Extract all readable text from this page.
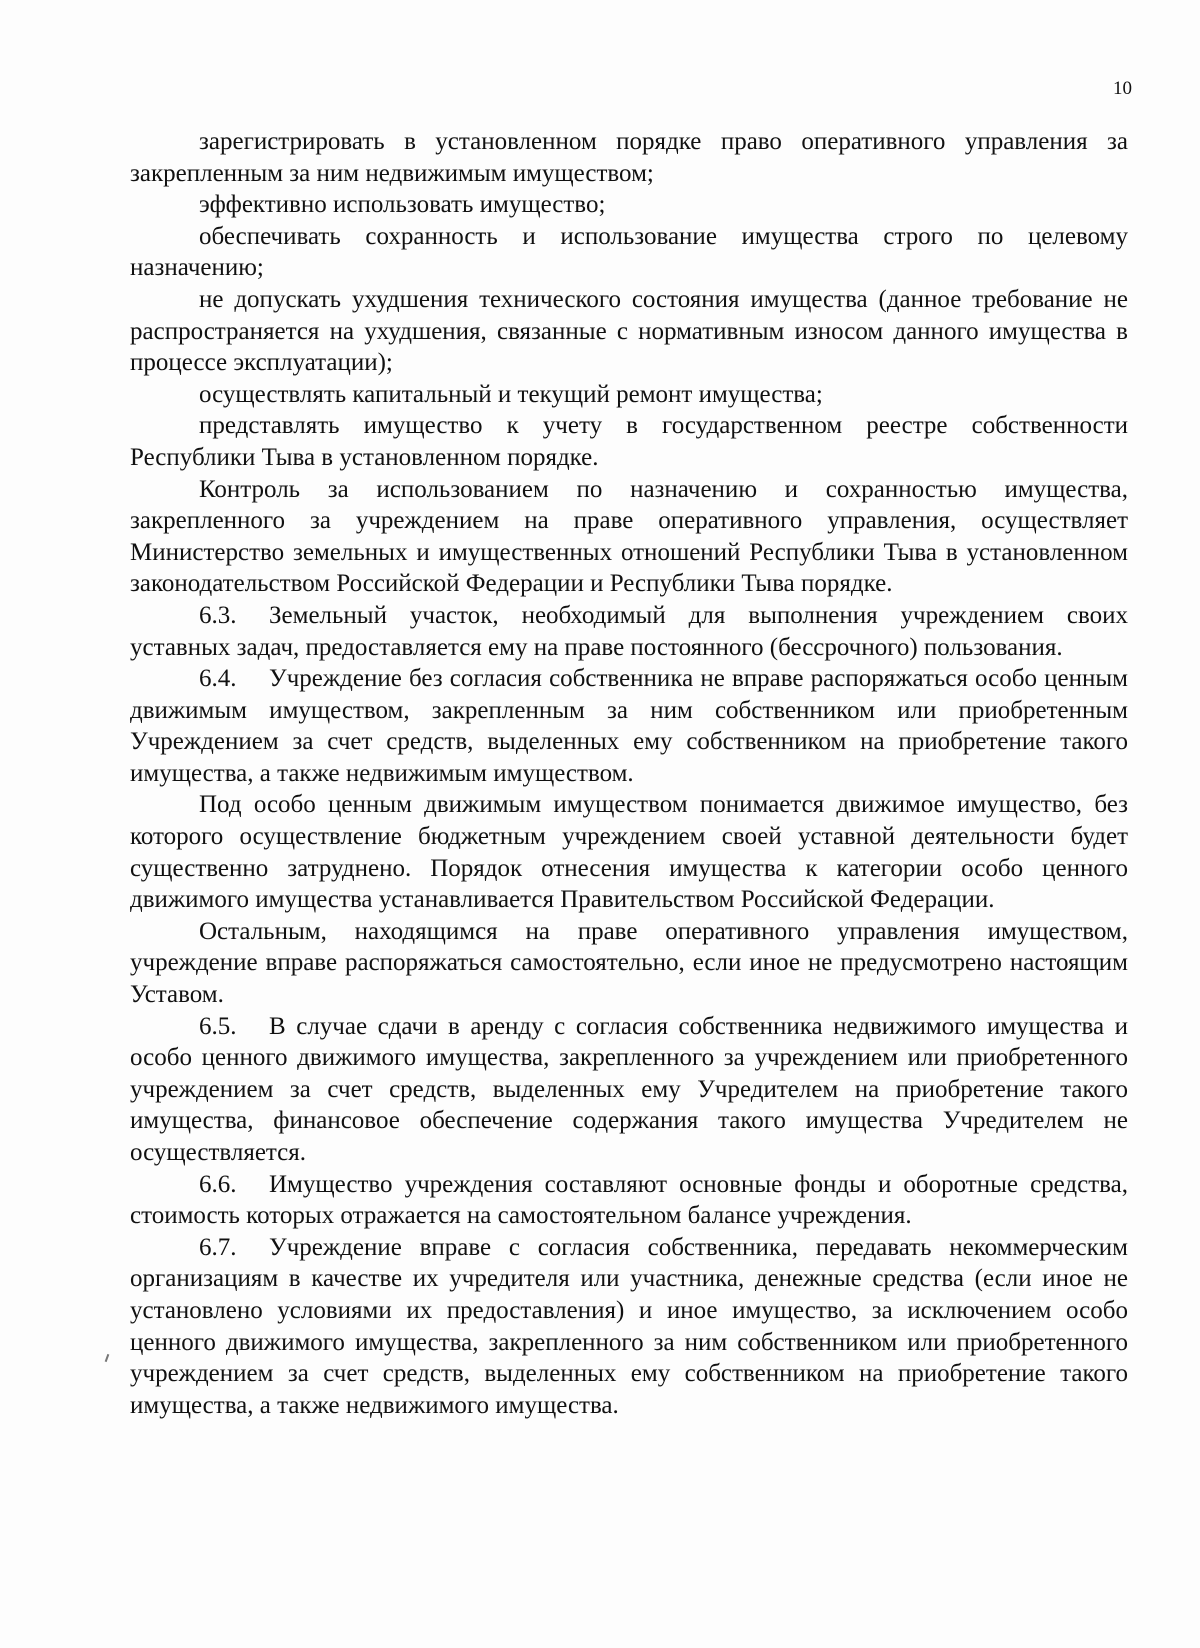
10

зарегистрировать в установленном порядке право оперативного управления за закрепленным за ним недвижимым имуществом;

эффективно использовать имущество;

обеспечивать сохранность и использование имущества строго по целевому назначению;

не допускать ухудшения технического состояния имущества (данное требование не распространяется на ухудшения, связанные с нормативным износом данного имущества в процессе эксплуатации);

осуществлять капитальный и текущий ремонт имущества;

представлять имущество к учету в государственном реестре собственности Республики Тыва в установленном порядке.

Контроль за использованием по назначению и сохранностью имущества, закрепленного за учреждением на праве оперативного управления, осуществляет Министерство земельных и имущественных отношений Республики Тыва в установленном законодательством Российской Федерации и Республики Тыва порядке.

6.3. Земельный участок, необходимый для выполнения учреждением своих уставных задач, предоставляется ему на праве постоянного (бессрочного) пользования.

6.4. Учреждение без согласия собственника не вправе распоряжаться особо ценным движимым имуществом, закрепленным за ним собственником или приобретенным Учреждением за счет средств, выделенных ему собственником на приобретение такого имущества, а также недвижимым имуществом.

Под особо ценным движимым имуществом понимается движимое имущество, без которого осуществление бюджетным учреждением своей уставной деятельности будет существенно затруднено. Порядок отнесения имущества к категории особо ценного движимого имущества устанавливается Правительством Российской Федерации.

Остальным, находящимся на праве оперативного управления имуществом, учреждение вправе распоряжаться самостоятельно, если иное не предусмотрено настоящим Уставом.

6.5. В случае сдачи в аренду с согласия собственника недвижимого имущества и особо ценного движимого имущества, закрепленного за учреждением или приобретенного учреждением за счет средств, выделенных ему Учредителем на приобретение такого имущества, финансовое обеспечение содержания такого имущества Учредителем не осуществляется.

6.6. Имущество учреждения составляют основные фонды и оборотные средства, стоимость которых отражается на самостоятельном балансе учреждения.

6.7. Учреждение вправе с согласия собственника, передавать некоммерческим организациям в качестве их учредителя или участника, денежные средства (если иное не установлено условиями их предоставления) и иное имущество, за исключением особо ценного движимого имущества, закрепленного за ним собственником или приобретенного учреждением за счет средств, выделенных ему собственником на приобретение такого имущества, а также недвижимого имущества.
